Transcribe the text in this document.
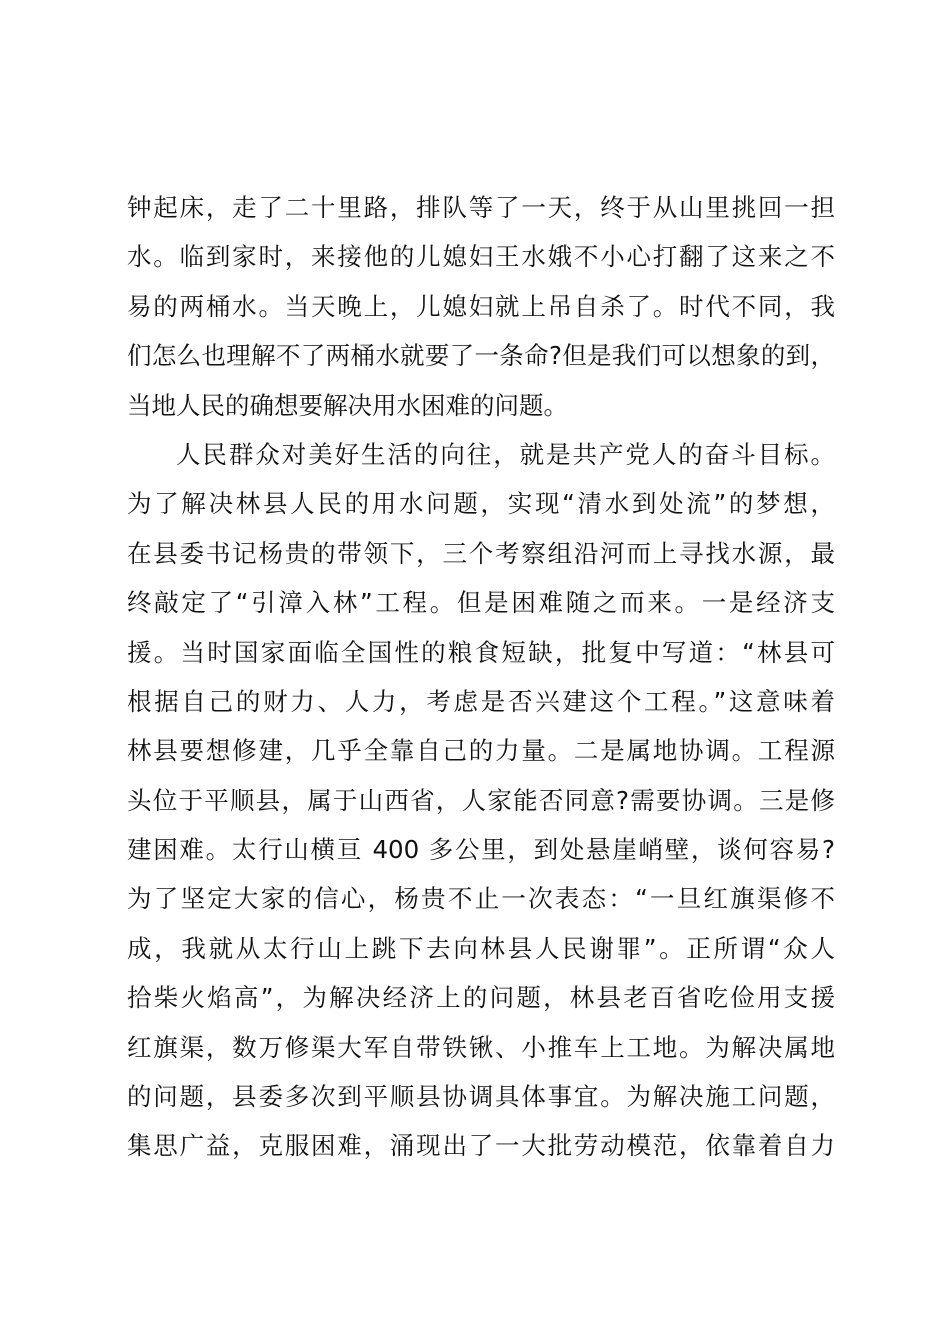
钟起床，走了二十里路，排队等了一天，终于从山里挑回一担
水。临到家时，来接他的儿媳妇王水娥不小心打翻了这来之不
易的两桶水。当天晚上，儿媳妇就上吊自杀了。时代不同，我
们怎么也理解不了两桶水就要了一条命?但是我们可以想象的到，
当地人民的确想要解决用水困难的问题。
人民群众对美好生活的向往，就是共产党人的奋斗目标。
为了解决林县人民的用水问题，实现“清水到处流”的梦想，
在县委书记杨贵的带领下，三个考察组沿河而上寻找水源，最
终敲定了“引漳入林”工程。但是困难随之而来。一是经济支
援。当时国家面临全国性的粮食短缺，批复中写道：“林县可
根据自己的财力、人力，考虑是否兴建这个工程。”这意味着
林县要想修建，几乎全靠自己的力量。二是属地协调。工程源
头位于平顺县，属于山西省，人家能否同意?需要协调。三是修
建困难。太行山横亘 400 多公里，到处悬崖峭壁，谈何容易?
为了坚定大家的信心，杨贵不止一次表态：“一旦红旗渠修不
成，我就从太行山上跳下去向林县人民谢罪”。正所谓“众人
拾柴火焰高”，为解决经济上的问题，林县老百省吃俭用支援
红旗渠，数万修渠大军自带铁锹、小推车上工地。为解决属地
的问题，县委多次到平顺县协调具体事宜。为解决施工问题，
集思广益，克服困难，涌现出了一大批劳动模范，依靠着自力
